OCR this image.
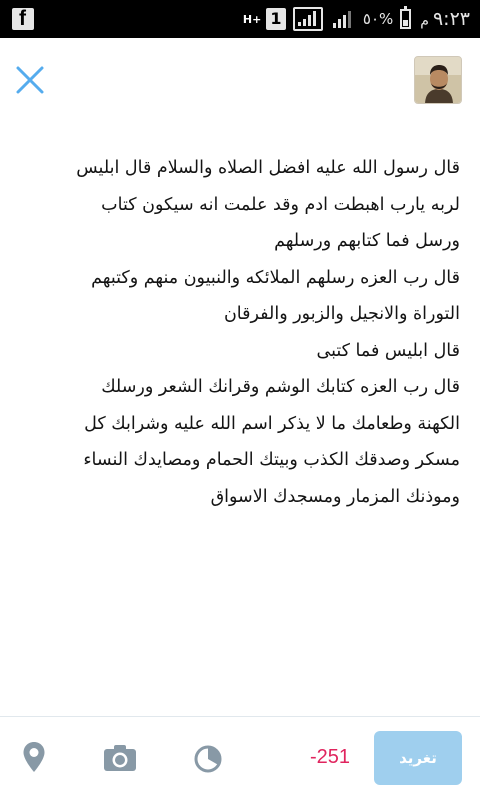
f	H+ 1	٥٠% م ٩:٢٣
قال رسول الله عليه افضل الصلاه والسلام قال ابليس
لربه يارب اهبطت ادم وقد علمت انه سيكون كتاب
ورسل فما كتابهم ورسلهم
قال رب العزه رسلهم الملائكه والنبيون منهم وكتبهم
التوراة والانجيل والزبور والفرقان
قال ابليس فما كتبى
قال رب العزه كتابك الوشم وقرانك الشعر ورسلك
الكهنة وطعامك ما لا يذكر اسم الله عليه وشرابك كل
مسكر وصدقك الكذب وبيتك الحمام ومصايدك النساء
وموذنك المزمار ومسجدك الاسواق
-251	تغريد
